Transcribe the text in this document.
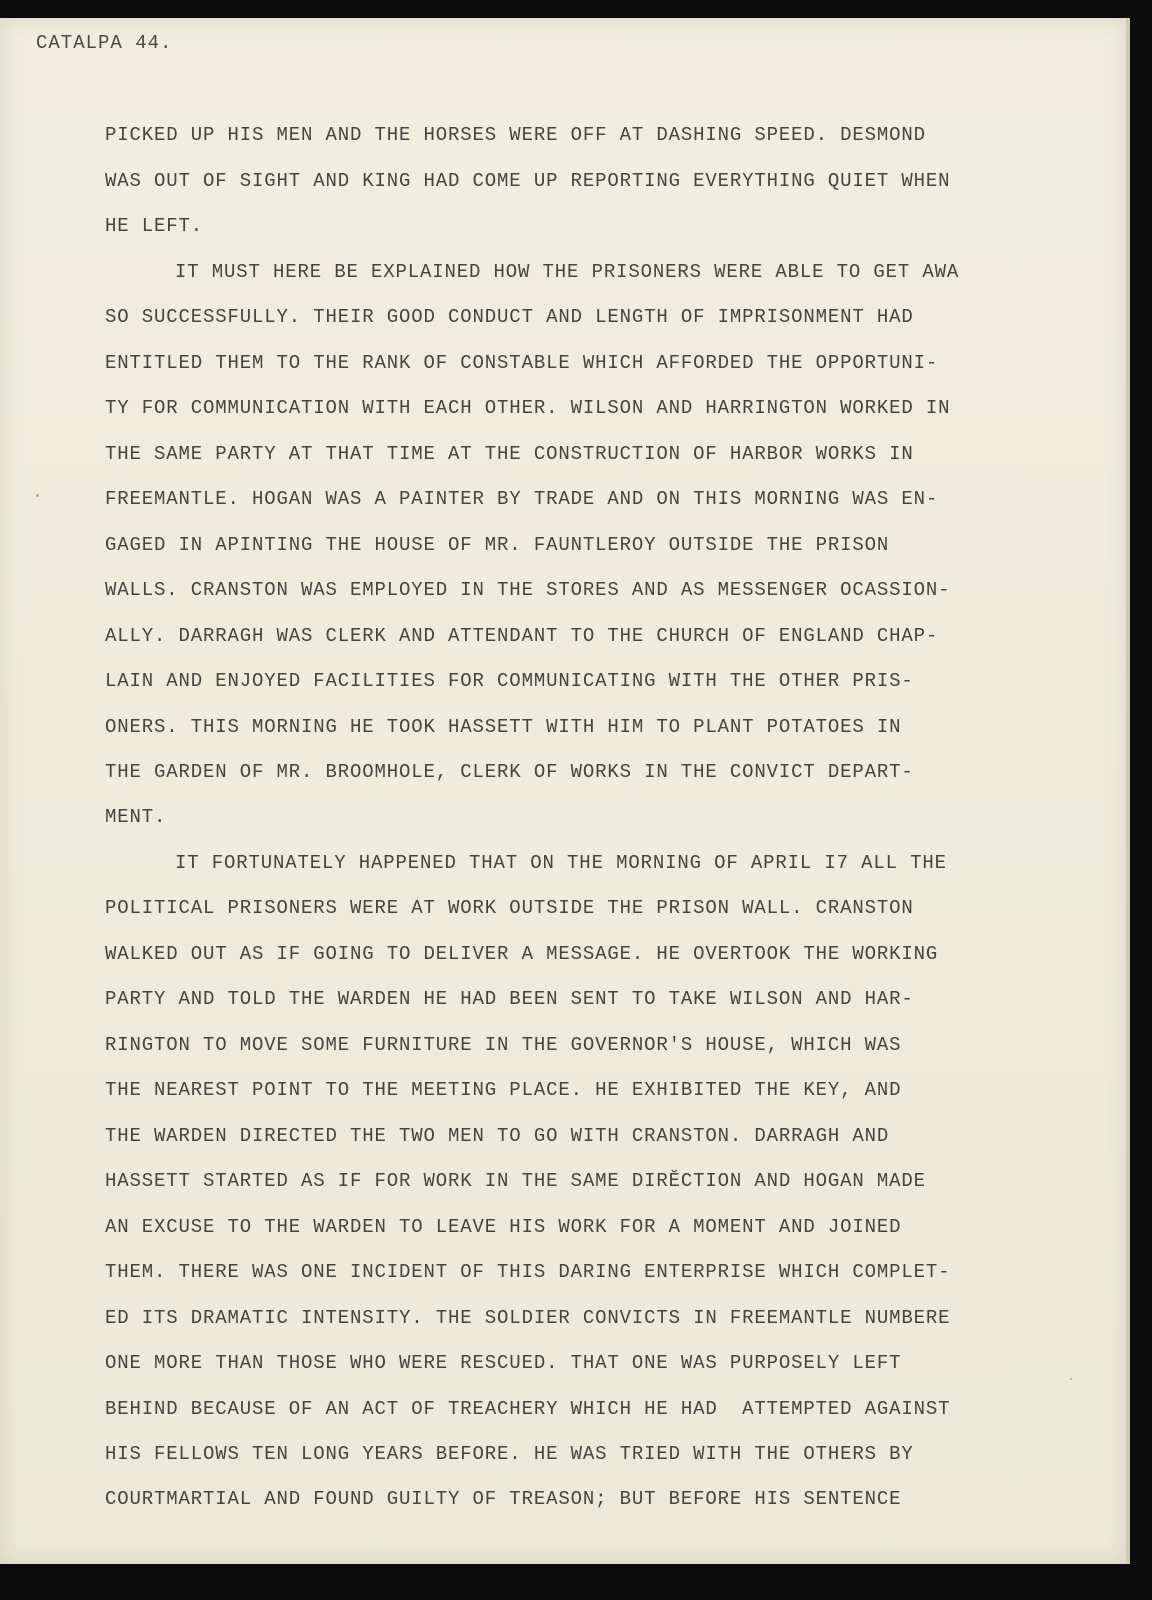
CATALPA 44.
PICKED UP HIS MEN AND THE HORSES WERE OFF AT DASHING SPEED. DESMOND
WAS OUT OF SIGHT AND KING HAD COME UP REPORTING EVERYTHING QUIET WHEN
HE LEFT.
IT MUST HERE BE EXPLAINED HOW THE PRISONERS WERE ABLE TO GET AWA
SO SUCCESSFULLY. THEIR GOOD CONDUCT AND LENGTH OF IMPRISONMENT HAD
ENTITLED THEM TO THE RANK OF CONSTABLE WHICH AFFORDED THE OPPORTUNI-
TY FOR COMMUNICATION WITH EACH OTHER. WILSON AND HARRINGTON WORKED IN
THE SAME PARTY AT THAT TIME AT THE CONSTRUCTION OF HARBOR WORKS IN
FREEMANTLE. HOGAN WAS A PAINTER BY TRADE AND ON THIS MORNING WAS EN-
GAGED IN APINTING THE HOUSE OF MR. FAUNTLEROY OUTSIDE THE PRISON
WALLS. CRANSTON WAS EMPLOYED IN THE STORES AND AS MESSENGER OCASSION-
ALLY. DARRAGH WAS CLERK AND ATTENDANT TO THE CHURCH OF ENGLAND CHAP-
LAIN AND ENJOYED FACILITIES FOR COMMUNICATING WITH THE OTHER PRIS-
ONERS. THIS MORNING HE TOOK HASSETT WITH HIM TO PLANT POTATOES IN
THE GARDEN OF MR. BROOMHOLE, CLERK OF WORKS IN THE CONVICT DEPART-
MENT.
IT FORTUNATELY HAPPENED THAT ON THE MORNING OF APRIL I7 ALL THE
POLITICAL PRISONERS WERE AT WORK OUTSIDE THE PRISON WALL. CRANSTON
WALKED OUT AS IF GOING TO DELIVER A MESSAGE. HE OVERTOOK THE WORKING
PARTY AND TOLD THE WARDEN HE HAD BEEN SENT TO TAKE WILSON AND HAR-
RINGTON TO MOVE SOME FURNITURE IN THE GOVERNOR'S HOUSE, WHICH WAS
THE NEAREST POINT TO THE MEETING PLACE. HE EXHIBITED THE KEY, AND
THE WARDEN DIRECTED THE TWO MEN TO GO WITH CRANSTON. DARRAGH AND
HASSETT STARTED AS IF FOR WORK IN THE SAME DIRĔCTION AND HOGAN MADE
AN EXCUSE TO THE WARDEN TO LEAVE HIS WORK FOR A MOMENT AND JOINED
THEM. THERE WAS ONE INCIDENT OF THIS DARING ENTERPRISE WHICH COMPLET-
ED ITS DRAMATIC INTENSITY. THE SOLDIER CONVICTS IN FREEMANTLE NUMBERE
ONE MORE THAN THOSE WHO WERE RESCUED. THAT ONE WAS PURPOSELY LEFT
BEHIND BECAUSE OF AN ACT OF TREACHERY WHICH HE HAD  ATTEMPTED AGAINST
HIS FELLOWS TEN LONG YEARS BEFORE. HE WAS TRIED WITH THE OTHERS BY
COURTMARTIAL AND FOUND GUILTY OF TREASON; BUT BEFORE HIS SENTENCE
